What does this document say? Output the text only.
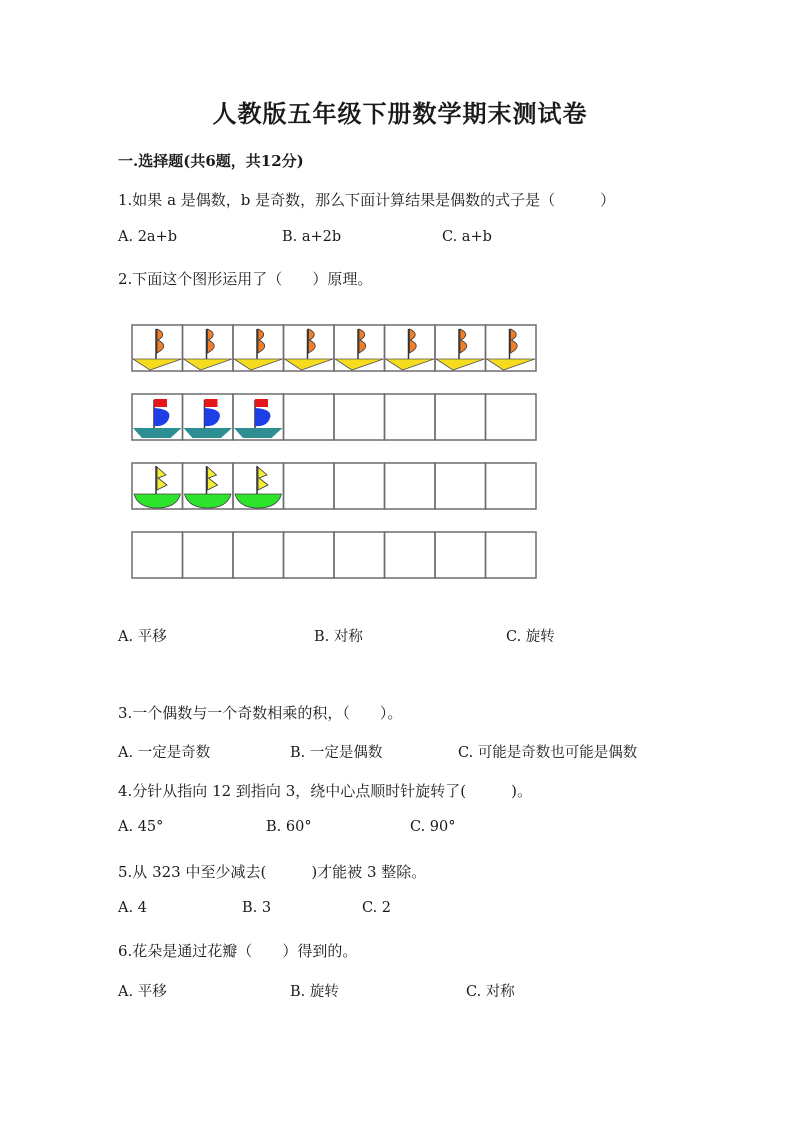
人教版五年级下册数学期末测试卷
一.选择题(共6题，共12分)
1.如果 a 是偶数，b 是奇数，那么下面计算结果是偶数的式子是（　　　）
A. 2a+b	B. a+2b	C. a+b
2.下面这个图形运用了（　　）原理。
A. 平移	B. 对称	C. 旋转
3.一个偶数与一个奇数相乘的积，（　　）。
A. 一定是奇数	B. 一定是偶数	C. 可能是奇数也可能是偶数
4.分针从指向 12 到指向 3，绕中心点顺时针旋转了(　　　)。
A. 45°	B. 60°	C. 90°
5.从 323 中至少减去(　　　)才能被 3 整除。
A. 4	B. 3	C. 2
6.花朵是通过花瓣（　　）得到的。
A. 平移	B. 旋转	C. 对称
